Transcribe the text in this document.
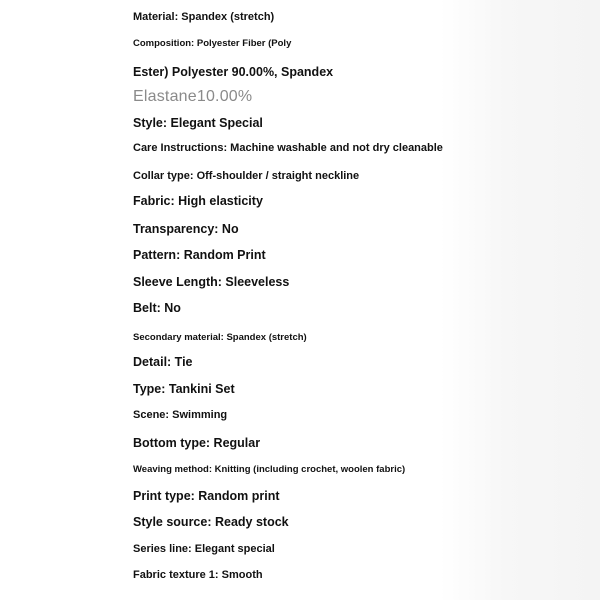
Material: Spandex (stretch)
Composition: Polyester Fiber (Poly
Ester) Polyester 90.00%, Spandex
Elastane10.00%
Style: Elegant Special
Care Instructions: Machine washable and not dry cleanable
Collar type: Off-shoulder / straight neckline
Fabric: High elasticity
Transparency: No
Pattern: Random Print
Sleeve Length: Sleeveless
Belt: No
Secondary material: Spandex (stretch)
Detail: Tie
Type: Tankini Set
Scene: Swimming
Bottom type: Regular
Weaving method: Knitting (including crochet, woolen fabric)
Print type: Random print
Style source: Ready stock
Series line: Elegant special
Fabric texture 1: Smooth
